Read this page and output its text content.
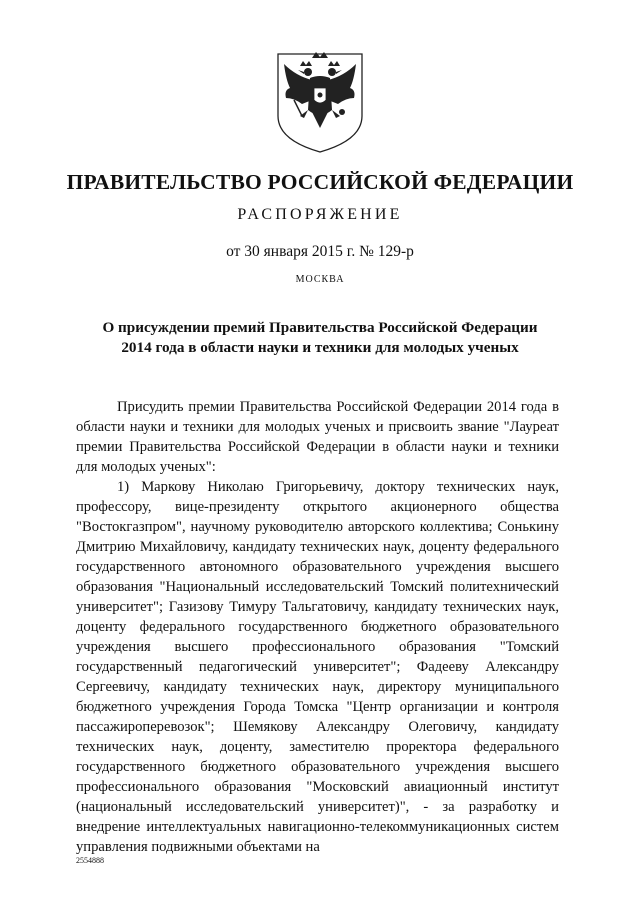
ПРАВИТЕЛЬСТВО РОССИЙСКОЙ ФЕДЕРАЦИИ
РАСПОРЯЖЕНИЕ
от 30 января 2015 г. № 129-р
МОСКВА
О присуждении премий Правительства Российской Федерации
2014 года в области науки и техники для молодых ученых

Присудить премии Правительства Российской Федерации 2014 года в области науки и техники для молодых ученых и присвоить звание "Лауреат премии Правительства Российской Федерации в области науки и техники для молодых ученых":

1) Маркову Николаю Григорьевичу, доктору технических наук, профессору, вице-президенту открытого акционерного общества "Востокгазпром", научному руководителю авторского коллектива; Сонькину Дмитрию Михайловичу, кандидату технических наук, доценту федерального государственного автономного образовательного учреждения высшего образования "Национальный исследовательский Томский политехнический университет"; Газизову Тимуру Тальгатовичу, кандидату технических наук, доценту федерального государственного бюджетного образовательного учреждения высшего профессионального образования "Томский государственный педагогический университет"; Фадееву Александру Сергеевичу, кандидату технических наук, директору муниципального бюджетного учреждения Города Томска "Центр организации и контроля пассажироперевозок"; Шемякову Александру Олеговичу, кандидату технических наук, доценту, заместителю проректора федерального государственного бюджетного образовательного учреждения высшего профессионального образования "Московский авиационный институт (национальный исследовательский университет)", - за разработку и внедрение интеллектуальных навигационно-телекоммуникационных систем управления подвижными объектами на

2554888
